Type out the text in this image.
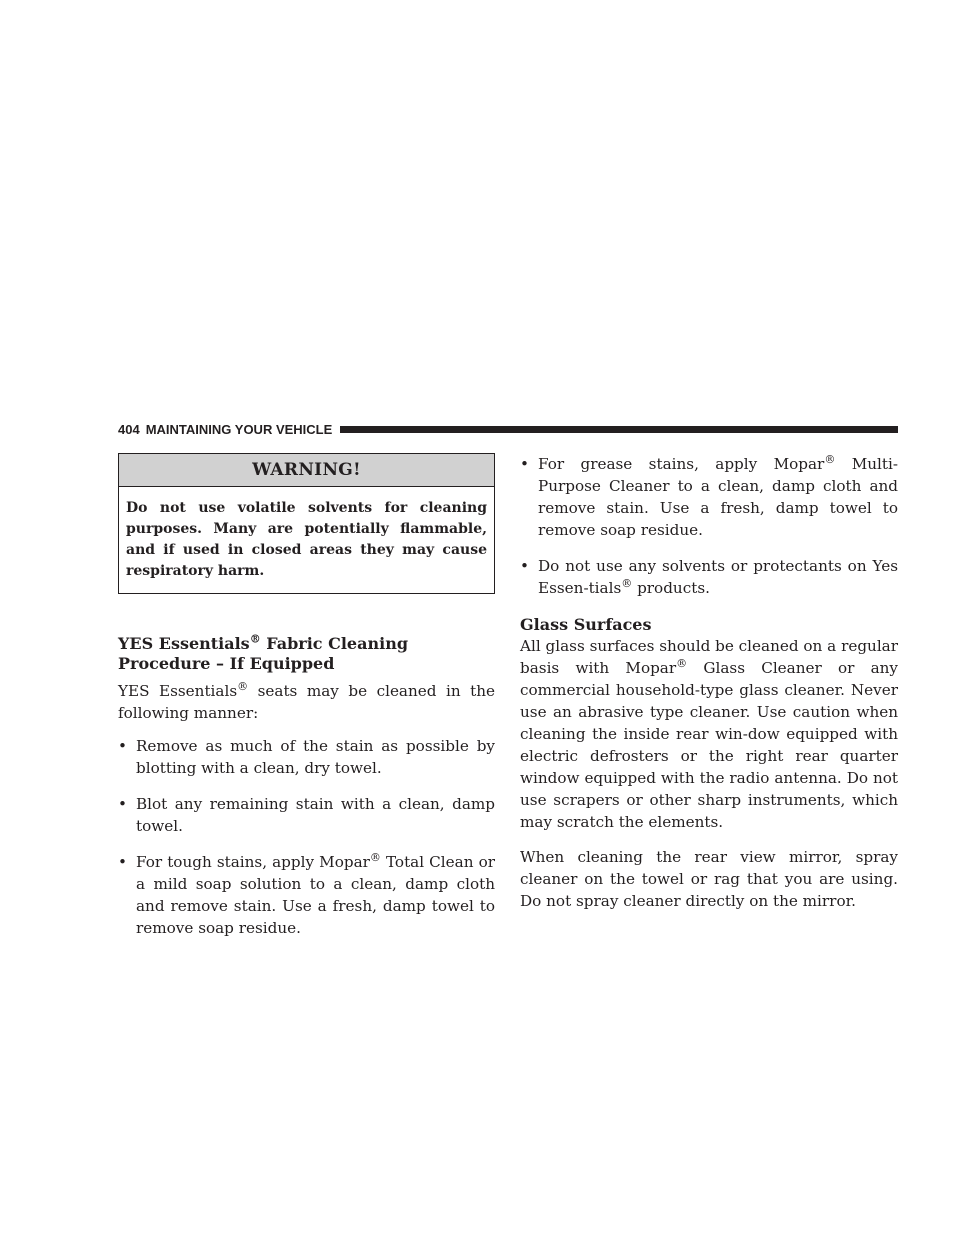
404 MAINTAINING YOUR VEHICLE
WARNING!
Do not use volatile solvents for cleaning purposes. Many are potentially flammable, and if used in closed areas they may cause respiratory harm.
YES Essentials® Fabric Cleaning Procedure – If Equipped

YES Essentials® seats may be cleaned in the following manner:

• Remove as much of the stain as possible by blotting with a clean, dry towel.
• Blot any remaining stain with a clean, damp towel.
• For tough stains, apply Mopar® Total Clean or a mild soap solution to a clean, damp cloth and remove stain. Use a fresh, damp towel to remove soap residue.
• For grease stains, apply Mopar® Multi-Purpose Cleaner to a clean, damp cloth and remove stain. Use a fresh, damp towel to remove soap residue.
• Do not use any solvents or protectants on Yes Essen-tials® products.
Glass Surfaces

All glass surfaces should be cleaned on a regular basis with Mopar® Glass Cleaner or any commercial household-type glass cleaner. Never use an abrasive type cleaner. Use caution when cleaning the inside rear win-dow equipped with electric defrosters or the right rear quarter window equipped with the radio antenna. Do not use scrapers or other sharp instruments, which may scratch the elements.

When cleaning the rear view mirror, spray cleaner on the towel or rag that you are using. Do not spray cleaner directly on the mirror.
